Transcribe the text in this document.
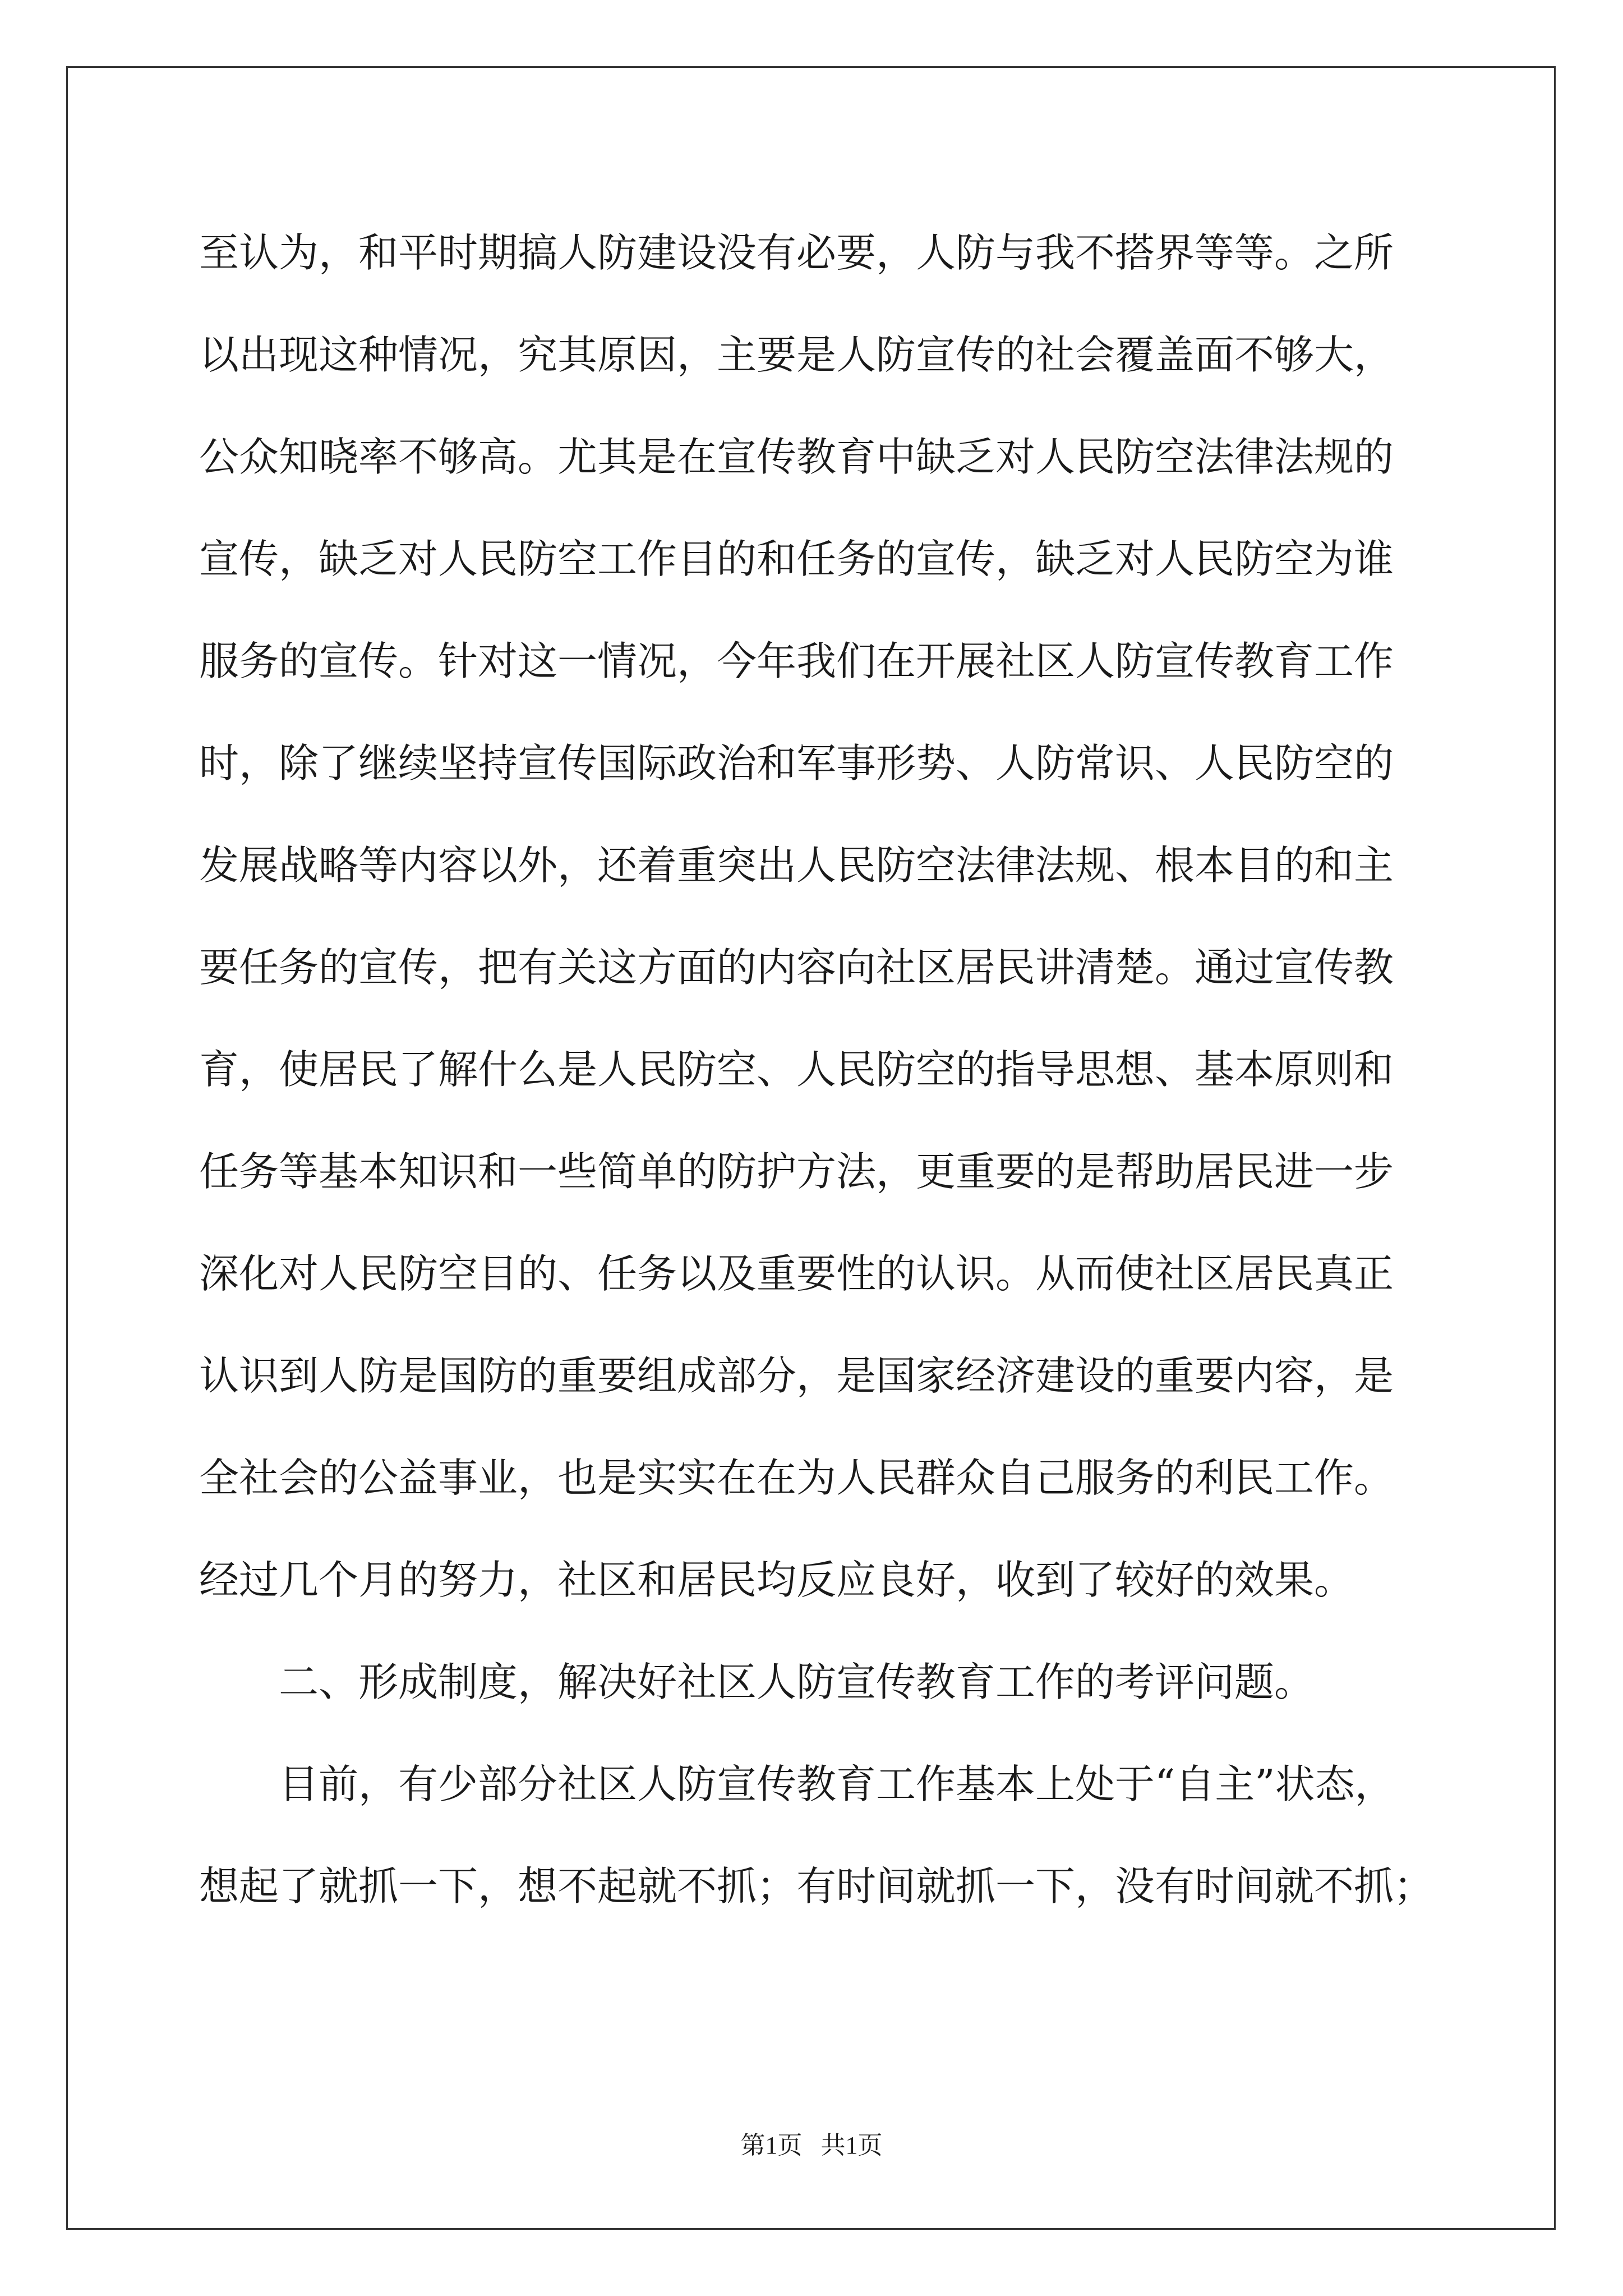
至认为，和平时期搞人防建设没有必要，人防与我不搭界等等。之所
以出现这种情况，究其原因，主要是人防宣传的社会覆盖面不够大，
公众知晓率不够高。尤其是在宣传教育中缺乏对人民防空法律法规的
宣传，缺乏对人民防空工作目的和任务的宣传，缺乏对人民防空为谁
服务的宣传。针对这一情况，今年我们在开展社区人防宣传教育工作
时，除了继续坚持宣传国际政治和军事形势、人防常识、人民防空的
发展战略等内容以外，还着重突出人民防空法律法规、根本目的和主
要任务的宣传，把有关这方面的内容向社区居民讲清楚。通过宣传教
育，使居民了解什么是人民防空、人民防空的指导思想、基本原则和
任务等基本知识和一些简单的防护方法，更重要的是帮助居民进一步
深化对人民防空目的、任务以及重要性的认识。从而使社区居民真正
认识到人防是国防的重要组成部分，是国家经济建设的重要内容，是
全社会的公益事业，也是实实在在为人民群众自己服务的利民工作。
经过几个月的努力，社区和居民均反应良好，收到了较好的效果。
二、形成制度，解决好社区人防宣传教育工作的考评问题。
目前，有少部分社区人防宣传教育工作基本上处于“自主”状态，
想起了就抓一下，想不起就不抓；有时间就抓一下，没有时间就不抓；
第1页 共1页
